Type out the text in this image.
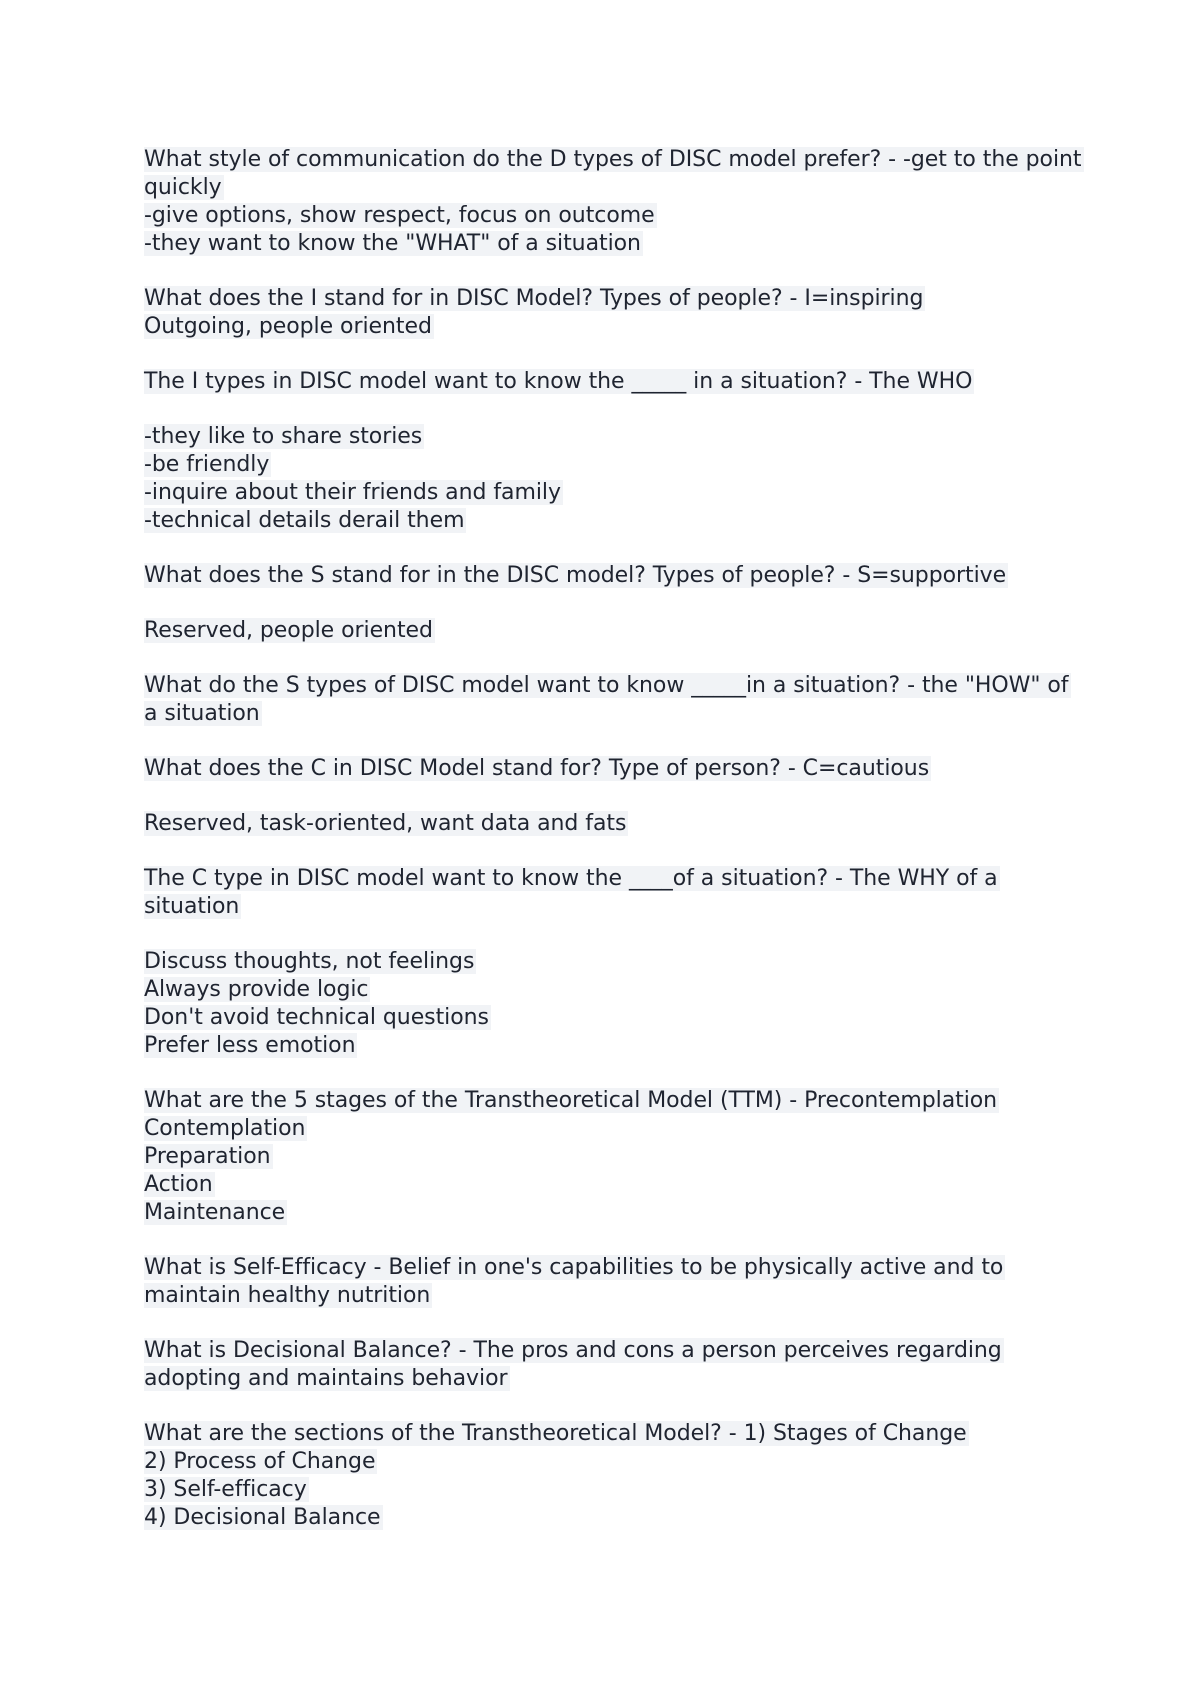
What style of communication do the D types of DISC model prefer? - -get to the point
quickly
-give options, show respect, focus on outcome
-they want to know the "WHAT" of a situation
What does the I stand for in DISC Model? Types of people? - I=inspiring
Outgoing, people oriented
The I types in DISC model want to know the _____ in a situation? - The WHO
-they like to share stories
-be friendly
-inquire about their friends and family
-technical details derail them
What does the S stand for in the DISC model? Types of people? - S=supportive
Reserved, people oriented
What do the S types of DISC model want to know _____in a situation? - the "HOW" of
a situation
What does the C in DISC Model stand for? Type of person? - C=cautious
Reserved, task-oriented, want data and fats
The C type in DISC model want to know the ____of a situation? - The WHY of a
situation
Discuss thoughts, not feelings
Always provide logic
Don't avoid technical questions
Prefer less emotion
What are the 5 stages of the Transtheoretical Model (TTM) - Precontemplation
Contemplation
Preparation
Action
Maintenance
What is Self-Efficacy - Belief in one's capabilities to be physically active and to
maintain healthy nutrition
What is Decisional Balance? - The pros and cons a person perceives regarding
adopting and maintains behavior
What are the sections of the Transtheoretical Model? - 1) Stages of Change
2) Process of Change
3) Self-efficacy
4) Decisional Balance
